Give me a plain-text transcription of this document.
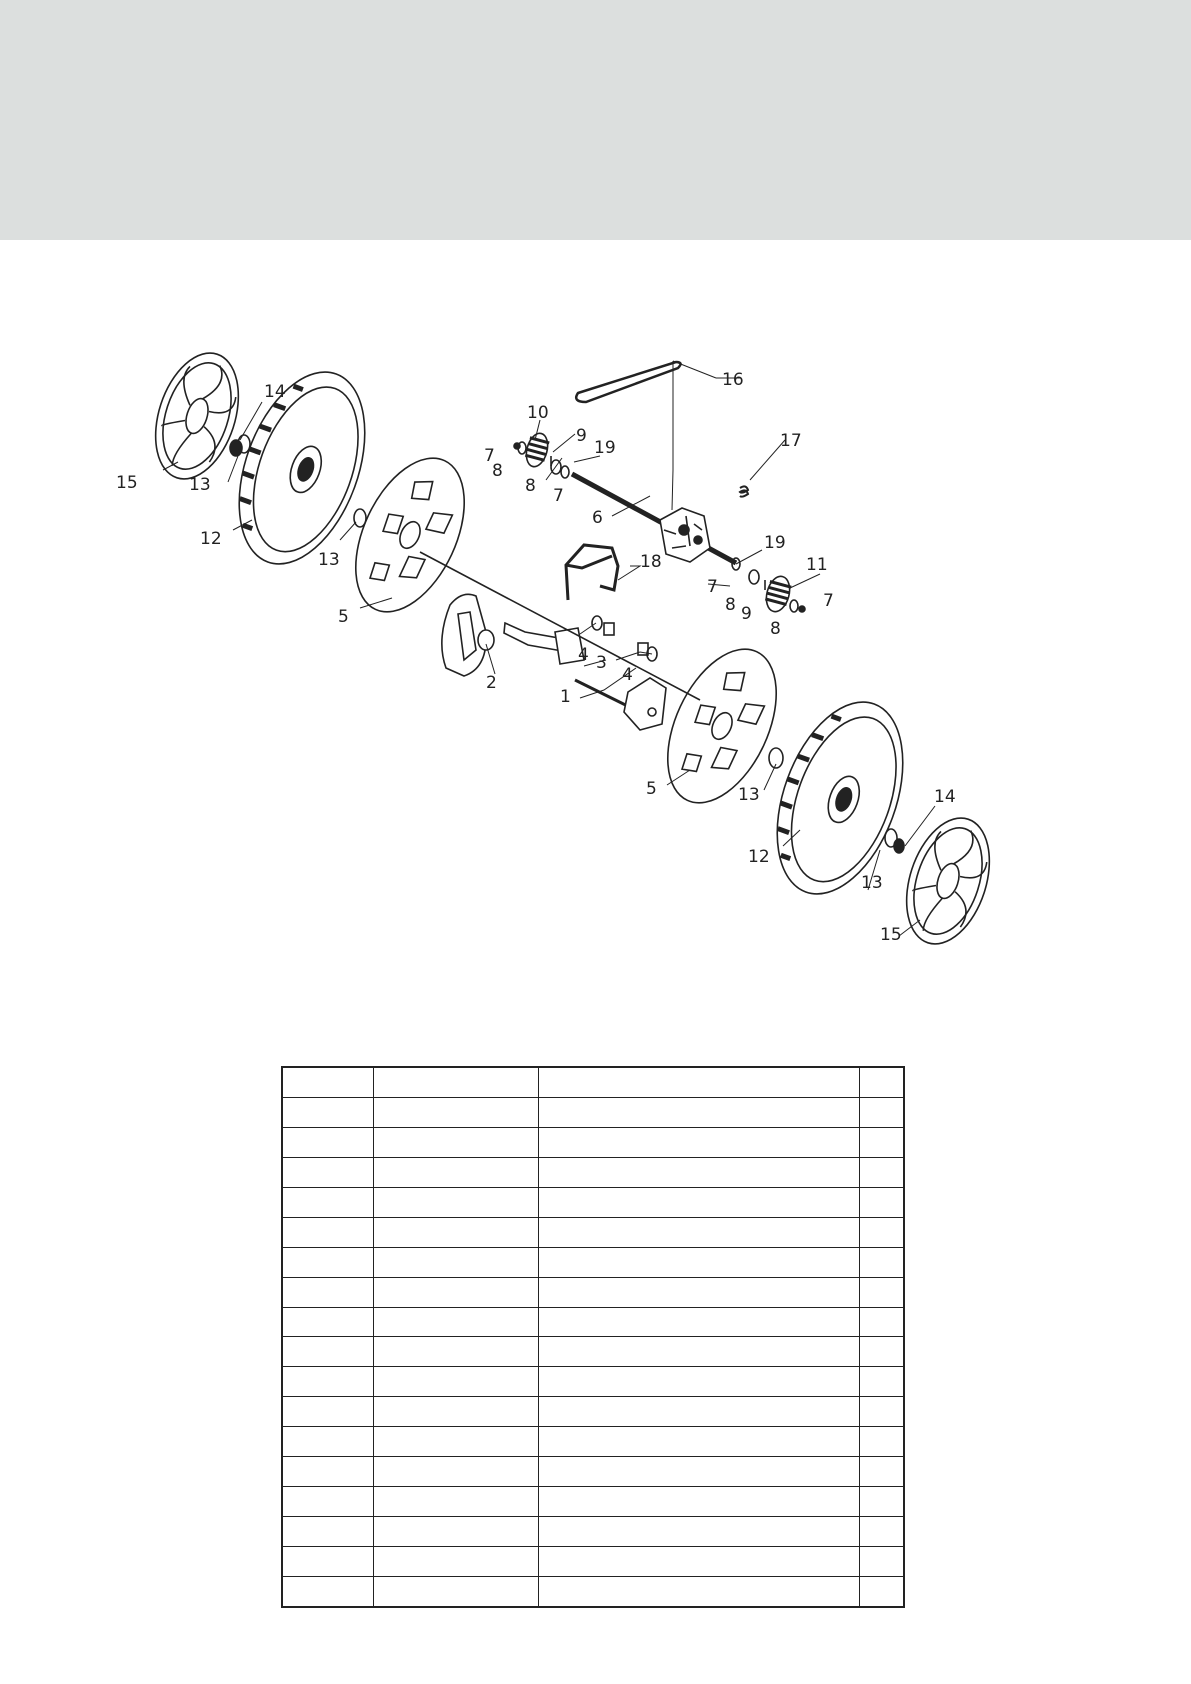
1
2
3
4
4
5
5
6
7
7
7
7
8
8
8
8
9
9
10
11
12
12
13
13
13
13
14
14
15
15
16
17
18
19
19
